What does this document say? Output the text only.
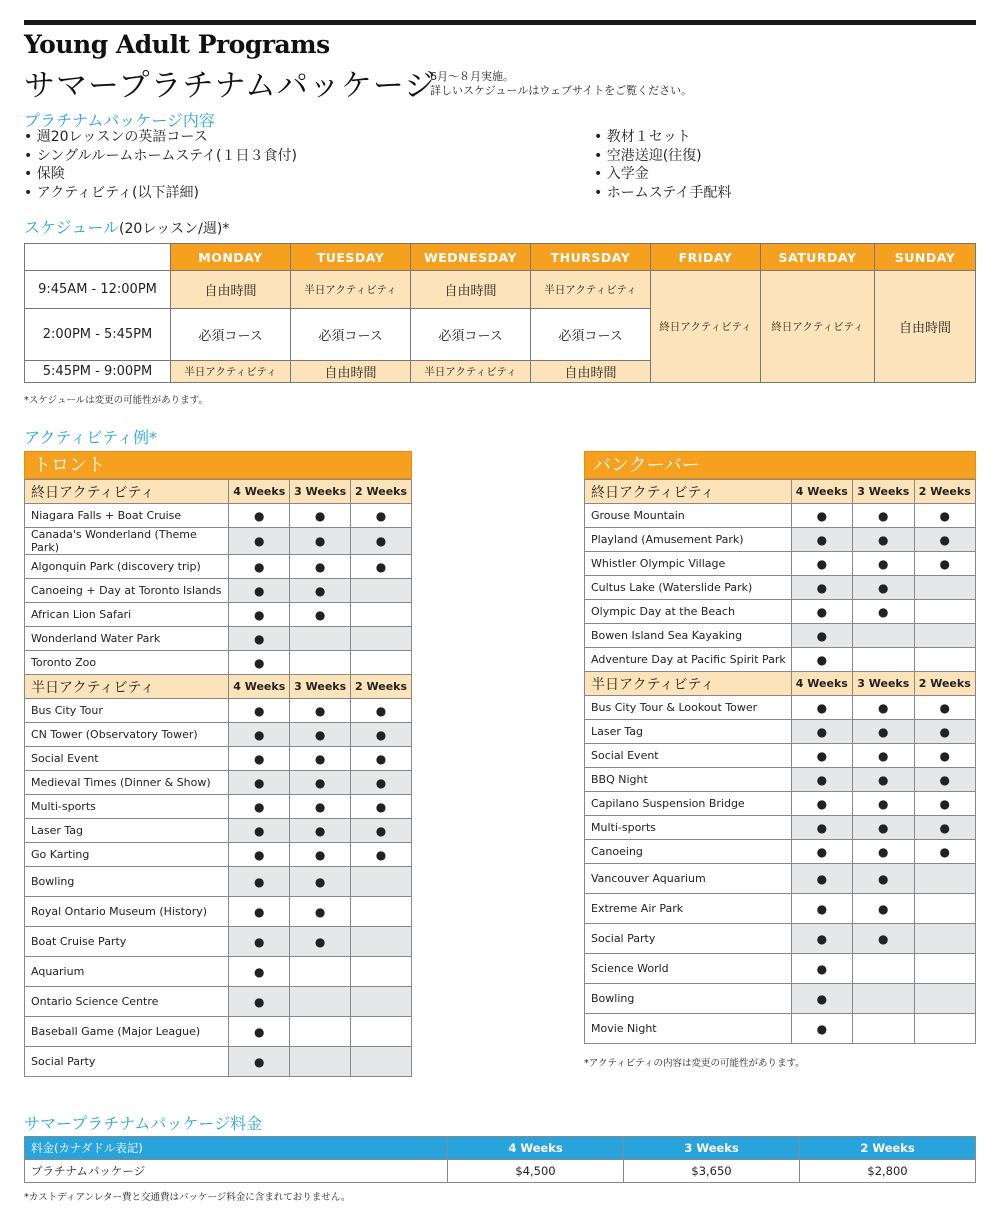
Young Adult Programs
サマープラチナムパッケージ
6月～８月実施。
詳しいスケジュールはウェブサイトをご覧ください。
プラチナムパッケージ内容
• 週20レッスンの英語コース
• シングルルームホームステイ(１日３食付)
• 保険
• アクティビティ(以下詳細)
• 教材１セット
• 空港送迎(往復)
• 入学金
• ホームステイ手配料
スケジュール(20レッスン/週)*
	MONDAY	TUESDAY	WEDNESDAY	THURSDAY	FRIDAY	SATURDAY	SUNDAY
9:45AM - 12:00PM	自由時間	半日アクティビティ	自由時間	半日アクティビティ	終日アクティビティ	終日アクティビティ	自由時間
2:00PM - 5:45PM	必須コース	必須コース	必須コース	必須コース			
5:45PM - 9:00PM	半日アクティビティ	自由時間	半日アクティビティ	自由時間			
*スケジュールは変更の可能性があります。
アクティビティ例*
トロント
終日アクティビティ	4 Weeks	3 Weeks	2 Weeks
Niagara Falls + Boat Cruise	●	●	●
Canada's Wonderland (Theme Park)	●	●	●
Algonquin Park (discovery trip)	●	●	●
Canoeing + Day at Toronto Islands	●	●	
African Lion Safari	●	●	
Wonderland Water Park	●		
Toronto Zoo	●		
半日アクティビティ	4 Weeks	3 Weeks	2 Weeks
Bus City Tour	●	●	●
CN Tower (Observatory Tower)	●	●	●
Social Event	●	●	●
Medieval Times (Dinner & Show)	●	●	●
Multi-sports	●	●	●
Laser Tag	●	●	●
Go Karting	●	●	●
Bowling	●	●	
Royal Ontario Museum (History)	●	●	
Boat Cruise Party	●	●	
Aquarium	●		
Ontario Science Centre	●		
Baseball Game (Major League)	●		
Social Party	●		
バンクーバー
終日アクティビティ	4 Weeks	3 Weeks	2 Weeks
Grouse Mountain	●	●	●
Playland (Amusement Park)	●	●	●
Whistler Olympic Village	●	●	●
Cultus Lake (Waterslide Park)	●	●	
Olympic Day at the Beach	●	●	
Bowen Island Sea Kayaking	●		
Adventure Day at Pacific Spirit Park	●		
半日アクティビティ	4 Weeks	3 Weeks	2 Weeks
Bus City Tour & Lookout Tower	●	●	●
Laser Tag	●	●	●
Social Event	●	●	●
BBQ Night	●	●	●
Capilano Suspension Bridge	●	●	●
Multi-sports	●	●	●
Canoeing	●	●	●
Vancouver Aquarium	●	●	
Extreme Air Park	●	●	
Social Party	●	●	
Science World	●		
Bowling	●		
Movie Night	●		
*アクティビティの内容は変更の可能性があります。
サマープラチナムパッケージ料金
料金(カナダドル表記)	4 Weeks	3 Weeks	2 Weeks
プラチナムパッケージ	$4,500	$3,650	$2,800
*カストディアンレター費と交通費はパッケージ料金に含まれておりません。
